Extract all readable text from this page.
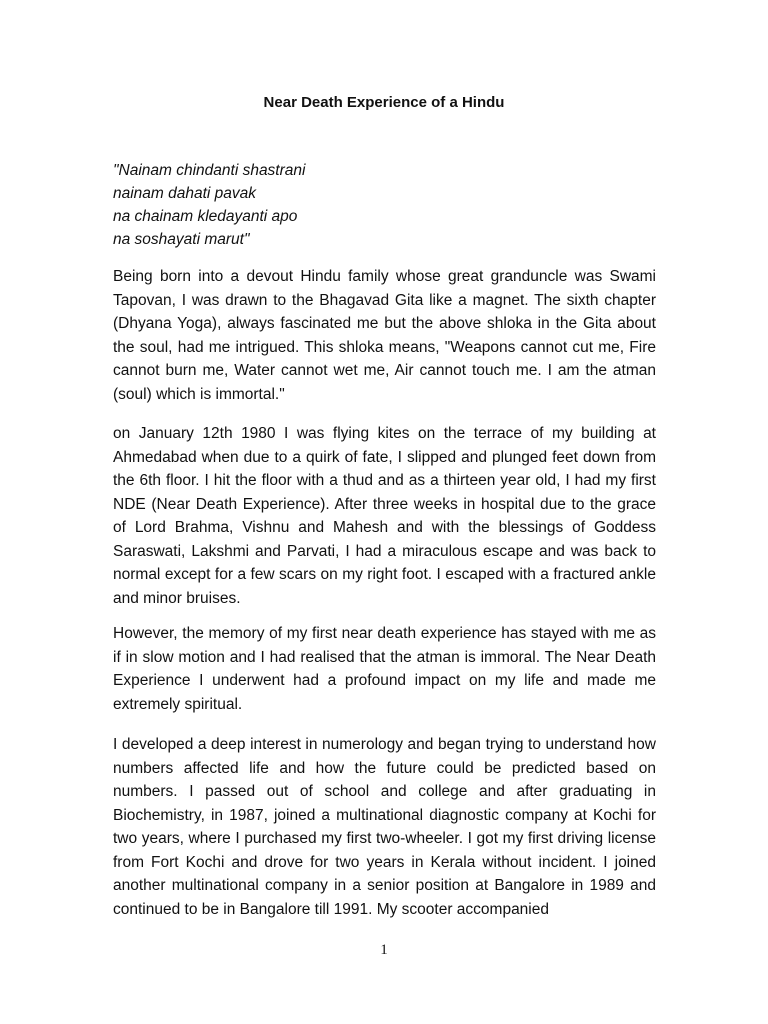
Near Death Experience of a Hindu
"Nainam chindanti shastrani
nainam dahati pavak
na chainam kledayanti apo
na soshayati marut"

Being born into a devout Hindu family whose great granduncle was Swami Tapovan, I was drawn to the Bhagavad Gita like a magnet. The sixth chapter (Dhyana Yoga), always fascinated me but the above shloka in the Gita about the soul, had me intrigued. This shloka means, "Weapons cannot cut me, Fire cannot burn me, Water cannot wet me, Air cannot touch me. I am the atman (soul) which is immortal."

on January 12th 1980 I was flying kites on the terrace of my building at Ahmedabad when due to a quirk of fate, I slipped and plunged feet down from the 6th floor. I hit the floor with a thud and as a thirteen year old, I had my first NDE (Near Death Experience). After three weeks in hospital due to the grace of Lord Brahma, Vishnu and Mahesh and with the blessings of Goddess Saraswati, Lakshmi and Parvati, I had a miraculous escape and was back to normal except for a few scars on my right foot. I escaped with a fractured ankle and minor bruises.

However, the memory of my first near death experience has stayed with me as if in slow motion and I had realised that the atman is immoral. The Near Death Experience I underwent had a profound impact on my life and made me extremely spiritual.

I developed a deep interest in numerology and began trying to understand how numbers affected life and how the future could be predicted based on numbers. I passed out of school and college and after graduating in Biochemistry, in 1987, joined a multinational diagnostic company at Kochi for two years, where I purchased my first two-wheeler. I got my first driving license from Fort Kochi and drove for two years in Kerala without incident. I joined another multinational company in a senior position at Bangalore in 1989 and continued to be in Bangalore till 1991. My scooter accompanied

1
